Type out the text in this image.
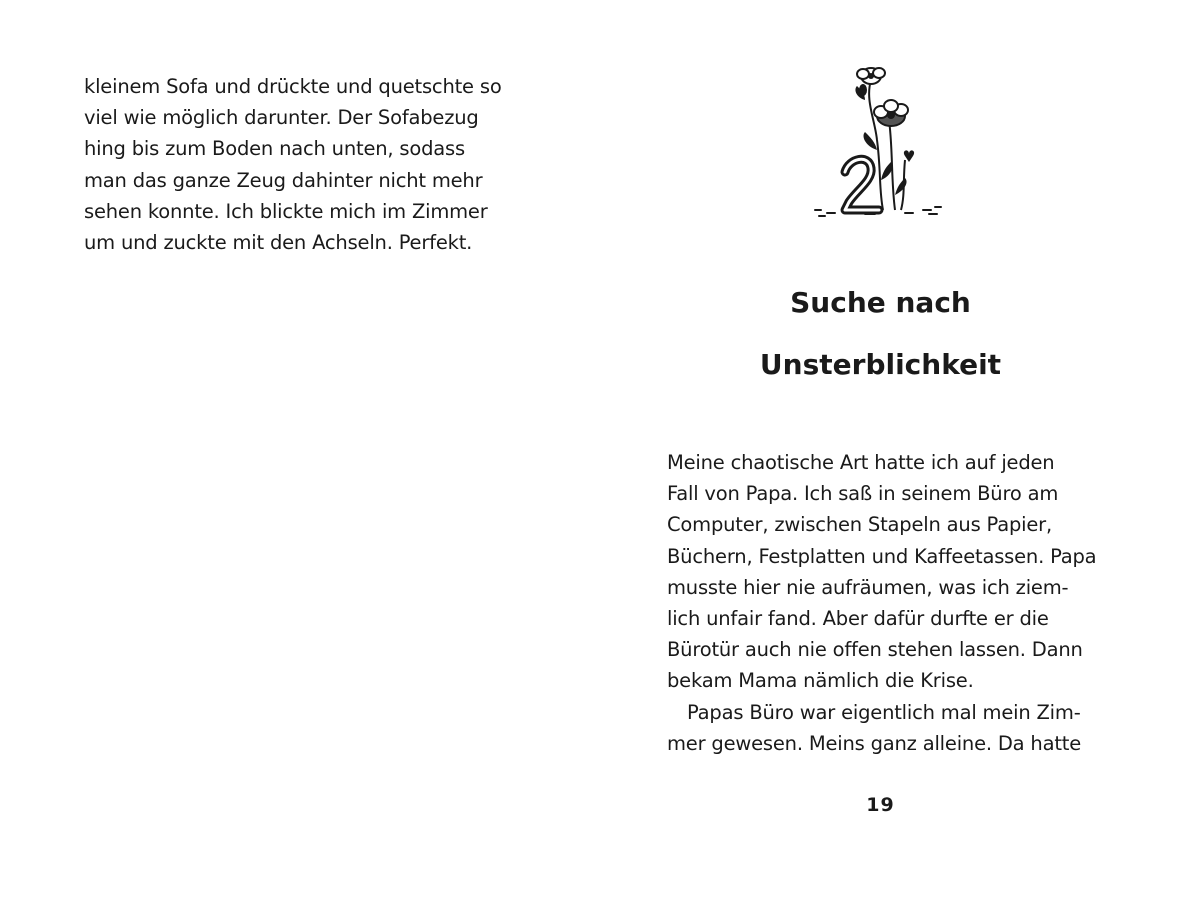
kleinem Sofa und drückte und quetschte so
viel wie möglich darunter. Der Sofabezug
hing bis zum Boden nach unten, sodass
man das ganze Zeug dahinter nicht mehr
sehen konnte. Ich blickte mich im Zimmer
um und zuckte mit den Achseln. Perfekt.
Suche nach
Unsterblichkeit
Meine chaotische Art hatte ich auf jeden
Fall von Papa. Ich saß in seinem Büro am
Computer, zwischen Stapeln aus Papier,
Büchern, Festplatten und Kaffeetassen. Papa
musste hier nie aufräumen, was ich ziem-
lich unfair fand. Aber dafür durfte er die
Bürotür auch nie offen stehen lassen. Dann
bekam Mama nämlich die Krise.
Papas Büro war eigentlich mal mein Zim-
mer gewesen. Meins ganz alleine. Da hatte
19
